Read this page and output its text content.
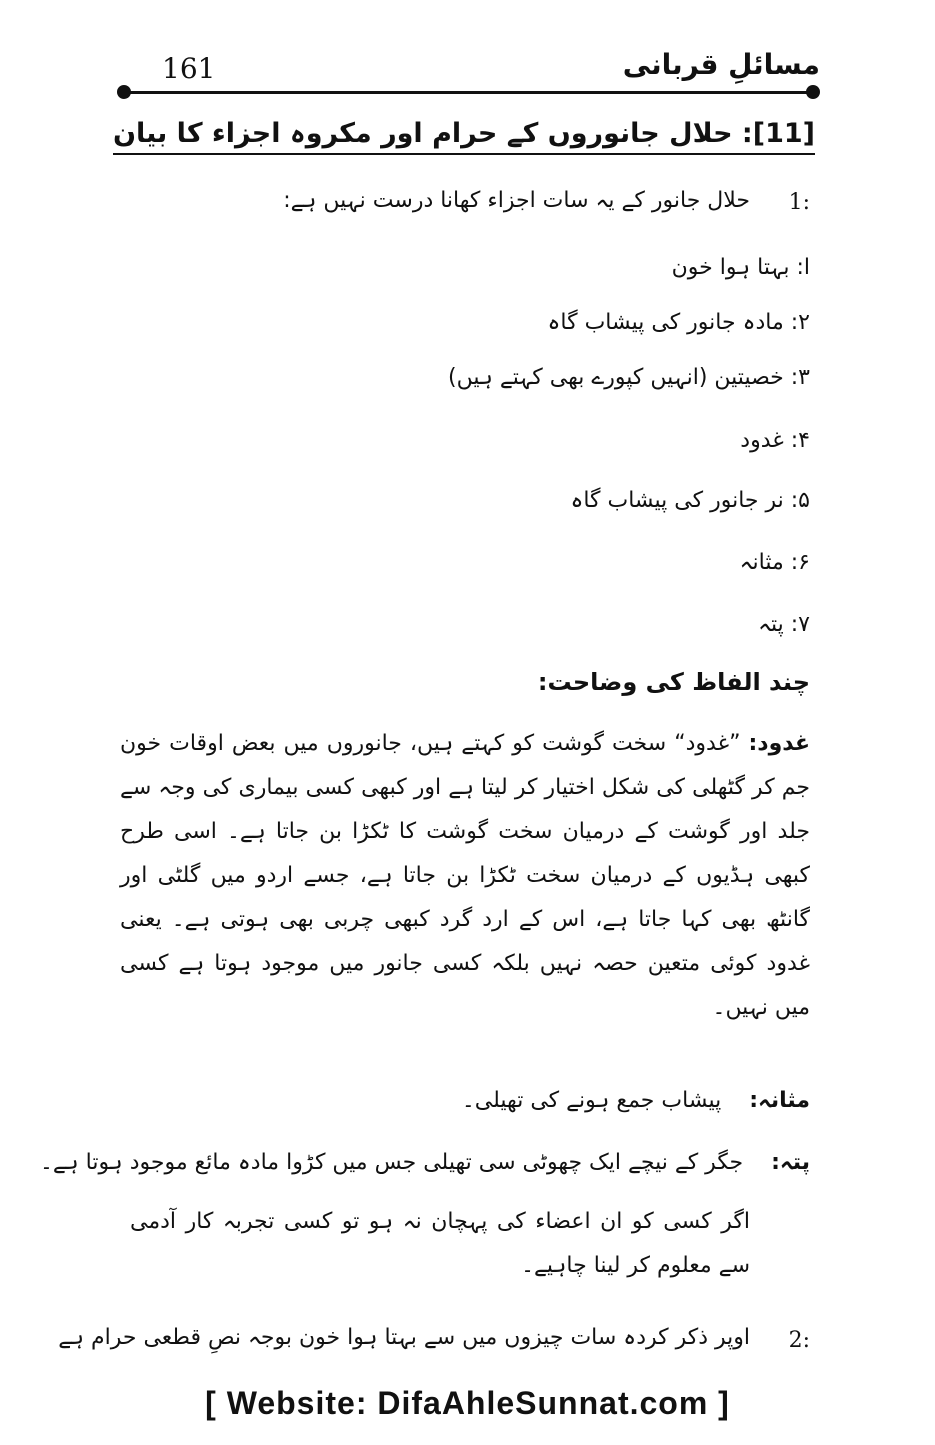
مسائلِ قربانی
161
[11]: حلال جانوروں کے حرام اور مکروہ اجزاء کا بیان
1:
حلال جانور کے یہ سات اجزاء کھانا درست نہیں ہے:
ا: بہتا ہوا خون
۲: مادہ جانور کی پیشاب گاہ
۳: خصیتین (انہیں کپورے بھی کہتے ہیں)
۴: غدود
۵: نر جانور کی پیشاب گاہ
۶: مثانہ
۷: پتہ
چند الفاظ کی وضاحت:
غدود: ”غدود“ سخت گوشت کو کہتے ہیں، جانوروں میں بعض اوقات خون جم کر گٹھلی کی شکل اختیار کر لیتا ہے اور کبھی کسی بیماری کی وجہ سے جلد اور گوشت کے درمیان سخت گوشت کا ٹکڑا بن جاتا ہے۔ اسی طرح کبھی ہڈیوں کے درمیان سخت ٹکڑا بن جاتا ہے، جسے اردو میں گلٹی اور گانٹھ بھی کہا جاتا ہے، اس کے ارد گرد کبھی چربی بھی ہوتی ہے۔ یعنی غدود کوئی متعین حصہ نہیں بلکہ کسی جانور میں موجود ہوتا ہے کسی میں نہیں۔
مثانہ:    پیشاب جمع ہونے کی تھیلی۔
پتہ:    جگر کے نیچے ایک چھوٹی سی تھیلی جس میں کڑوا مادہ مائع موجود ہوتا ہے۔
اگر کسی کو ان اعضاء کی پہچان نہ ہو تو کسی تجربہ کار آدمی سے معلوم کر لینا چاہیے۔
2:
اوپر ذکر کردہ سات چیزوں میں سے بہتا ہوا خون بوجہ نصِ قطعی حرام ہے
[ Website: DifaAhleSunnat.com ]
